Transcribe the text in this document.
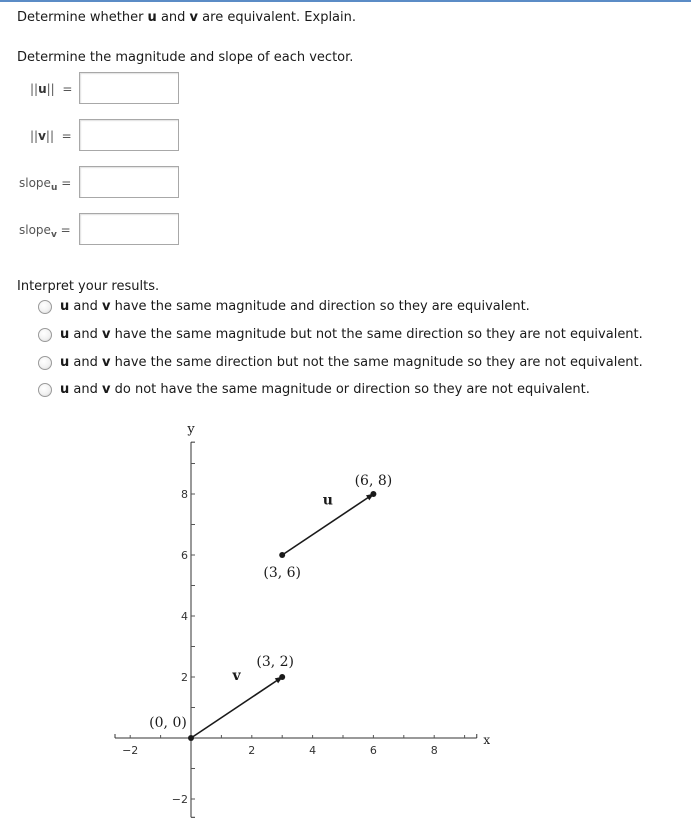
Determine whether u and v are equivalent. Explain.
Determine the magnitude and slope of each vector.
||u||  =
||v||  =
slope$_u$ =
slope$_v$ =
Interpret your results.
u and v have the same magnitude and direction so they are equivalent.
u and v have the same magnitude but not the same direction so they are not equivalent.
u and v have the same direction but not the same magnitude so they are not equivalent.
u and v do not have the same magnitude or direction so they are not equivalent.
−2	2	4	6	8
−2
2
4
6
8
x
y
(6, 8)
(3, 6)
u
(3, 2)
(0, 0)
v
